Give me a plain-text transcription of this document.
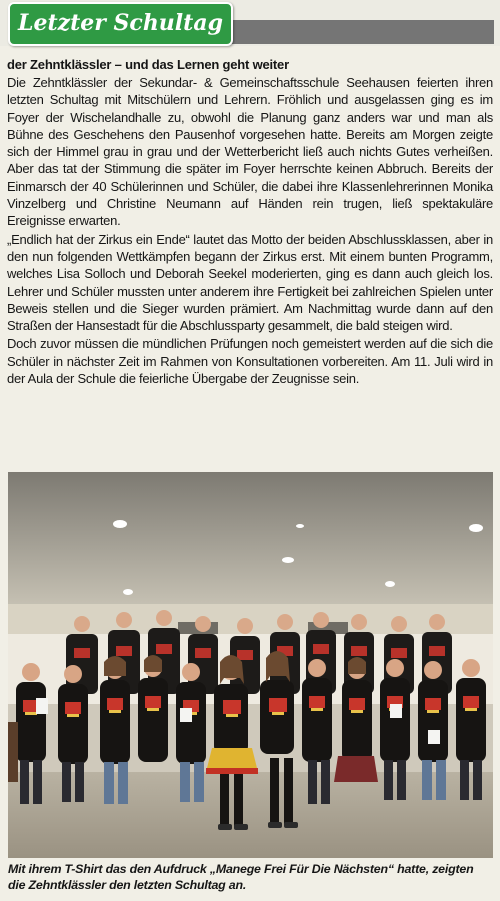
Letzter Schultag

der Zehntklässler – und das Lernen geht weiter

Die Zehntklässler der Sekundar- & Gemeinschaftsschule Seehausen feierten ihren letzten Schultag mit Mitschülern und Lehrern. Fröhlich und ausgelassen ging es im Foyer der Wischelandhalle zu, obwohl die Planung ganz anders war und man als Bühne des Geschehens den Pausenhof vorgesehen hatte. Bereits am Morgen zeigte sich der Himmel grau in grau und der Wetterbericht ließ auch nichts Gutes verheißen. Aber das tat der Stimmung die später im Foyer herrschte keinen Abbruch. Bereits der Einmarsch der 40 Schülerinnen und Schüler, die dabei ihre Klassenlehrerinnen Monika Vinzelberg und Christine Neumann auf Händen rein trugen, ließ spektakuläre Ereignisse erwarten.

„Endlich hat der Zirkus ein Ende“ lautet das Motto der beiden Abschlussklassen, aber in den nun folgenden Wettkämpfen begann der Zirkus erst. Mit einem bunten Programm, welches Lisa Solloch und Deborah Seekel moderierten, ging es dann auch gleich los. Lehrer und Schüler mussten unter anderem ihre Fertigkeit bei zahlreichen Spielen unter Beweis stellen und die Sieger wurden prämiert. Am Nachmittag wurde dann auf den Straßen der Hansestadt für die Abschlussparty gesammelt, die bald steigen wird.

Doch zuvor müssen die mündlichen Prüfungen noch gemeistert werden auf die sich die Schüler in nächster Zeit im Rahmen von Konsultationen vorbereiten. Am 11. Juli wird in der Aula der Schule die feierliche Übergabe der Zeugnisse sein.

Mit ihrem T-Shirt das den Aufdruck „Manege Frei Für Die Nächsten“ hatte, zeigten die Zehntklässler den letzten Schultag an.
